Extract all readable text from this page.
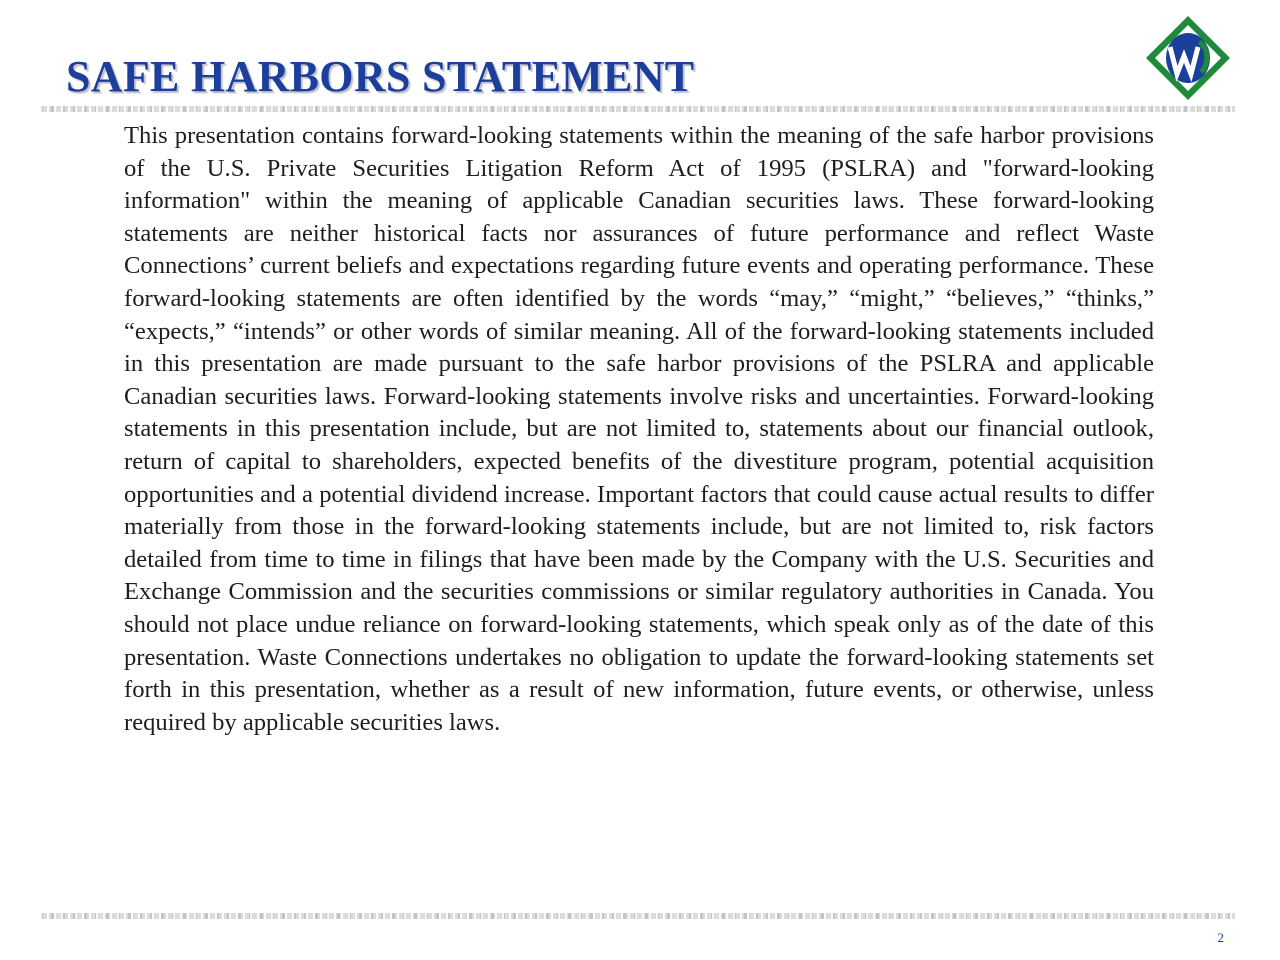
SAFE HARBORS STATEMENT

This presentation contains forward-looking statements within the meaning of the safe harbor provisions of the U.S. Private Securities Litigation Reform Act of 1995 (PSLRA) and "forward-looking information" within the meaning of applicable Canadian securities laws. These forward-looking statements are neither historical facts nor assurances of future performance and reflect Waste Connections’ current beliefs and expectations regarding future events and operating performance. These forward-looking statements are often identified by the words “may,” “might,” “believes,” “thinks,” “expects,” “intends” or other words of similar meaning. All of the forward-looking statements included in this presentation are made pursuant to the safe harbor provisions of the PSLRA and applicable Canadian securities laws. Forward-looking statements involve risks and uncertainties. Forward-looking statements in this presentation include, but are not limited to, statements about our financial outlook, return of capital to shareholders, expected benefits of the divestiture program, potential acquisition opportunities and a potential dividend increase. Important factors that could cause actual results to differ materially from those in the forward-looking statements include, but are not limited to, risk factors detailed from time to time in filings that have been made by the Company with the U.S. Securities and Exchange Commission and the securities commissions or similar regulatory authorities in Canada. You should not place undue reliance on forward-looking statements, which speak only as of the date of this presentation. Waste Connections undertakes no obligation to update the forward-looking statements set forth in this presentation, whether as a result of new information, future events, or otherwise, unless required by applicable securities laws.

2
